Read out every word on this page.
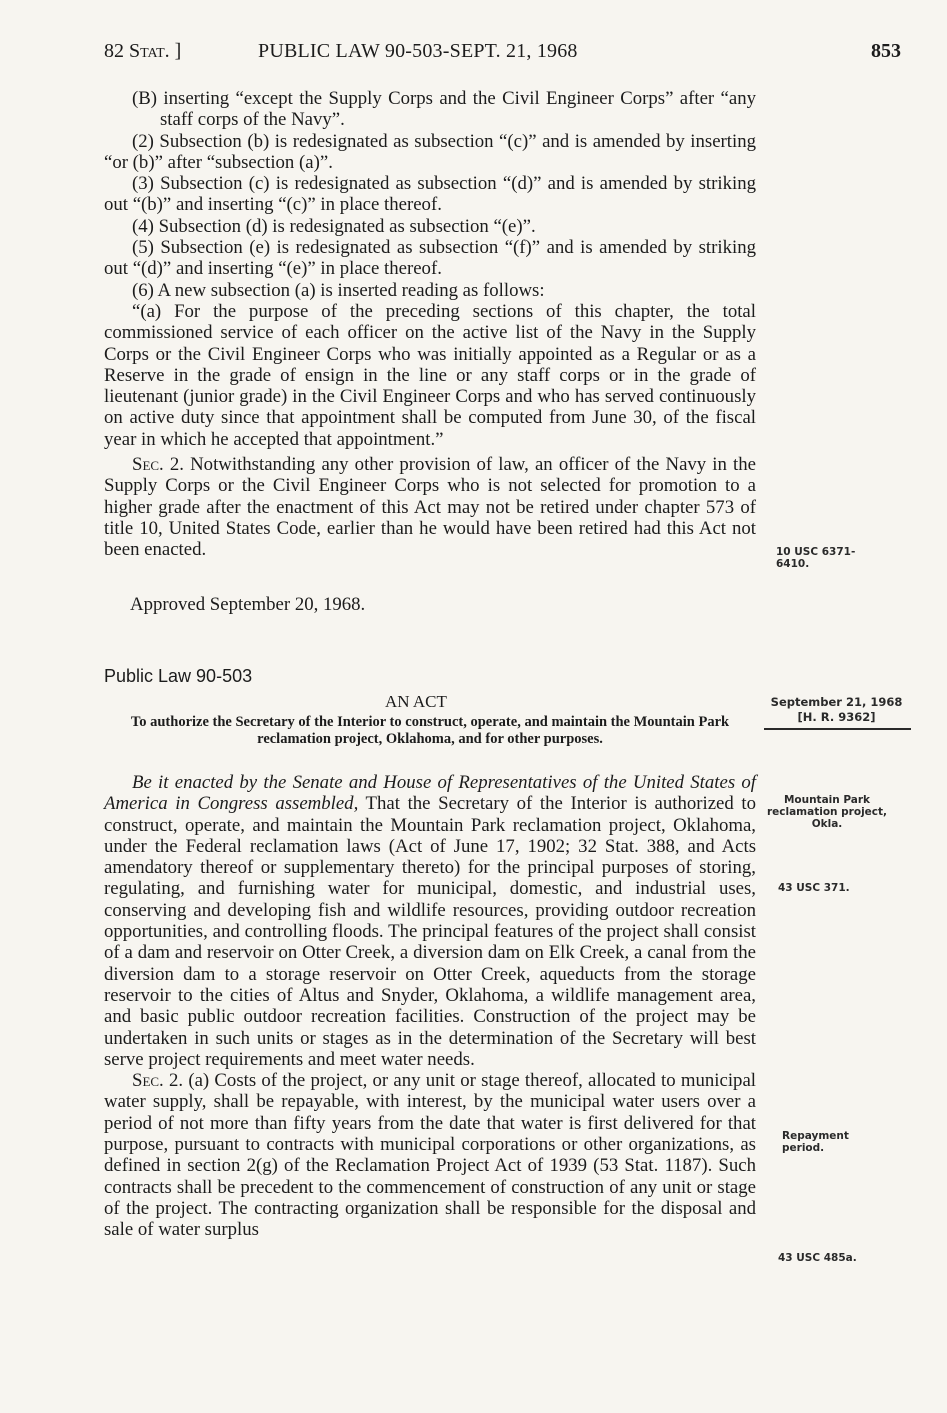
82 Stat. ]	PUBLIC LAW 90-503-SEPT. 21, 1968	853

(B) inserting “except the Supply Corps and the Civil Engineer Corps” after “any staff corps of the Navy”.

(2) Subsection (b) is redesignated as subsection “(c)” and is amended by inserting “or (b)” after “subsection (a)”.

(3) Subsection (c) is redesignated as subsection “(d)” and is amended by striking out “(b)” and inserting “(c)” in place thereof.

(4) Subsection (d) is redesignated as subsection “(e)”.

(5) Subsection (e) is redesignated as subsection “(f)” and is amended by striking out “(d)” and inserting “(e)” in place thereof.

(6) A new subsection (a) is inserted reading as follows:

“(a) For the purpose of the preceding sections of this chapter, the total commissioned service of each officer on the active list of the Navy in the Supply Corps or the Civil Engineer Corps who was initially appointed as a Regular or as a Reserve in the grade of ensign in the line or any staff corps or in the grade of lieutenant (junior grade) in the Civil Engineer Corps and who has served continuously on active duty since that appointment shall be computed from June 30, of the fiscal year in which he accepted that appointment.”

Sec. 2. Notwithstanding any other provision of law, an officer of the Navy in the Supply Corps or the Civil Engineer Corps who is not selected for promotion to a higher grade after the enactment of this Act may not be retired under chapter 573 of title 10, United States Code, earlier than he would have been retired had this Act not been enacted.

Approved September 20, 1968.
Public Law 90-503
AN ACT
To authorize the Secretary of the Interior to construct, operate, and maintain the Mountain Park reclamation project, Oklahoma, and for other purposes.

Be it enacted by the Senate and House of Representatives of the United States of America in Congress assembled, That the Secretary of the Interior is authorized to construct, operate, and maintain the Mountain Park reclamation project, Oklahoma, under the Federal reclamation laws (Act of June 17, 1902; 32 Stat. 388, and Acts amendatory thereof or supplementary thereto) for the principal purposes of storing, regulating, and furnishing water for municipal, domestic, and industrial uses, conserving and developing fish and wildlife resources, providing outdoor recreation opportunities, and controlling floods. The principal features of the project shall consist of a dam and reservoir on Otter Creek, a diversion dam on Elk Creek, a canal from the diversion dam to a storage reservoir on Otter Creek, aqueducts from the storage reservoir to the cities of Altus and Snyder, Oklahoma, a wildlife management area, and basic public outdoor recreation facilities. Construction of the project may be undertaken in such units or stages as in the determination of the Secretary will best serve project requirements and meet water needs.

Sec. 2. (a) Costs of the project, or any unit or stage thereof, allocated to municipal water supply, shall be repayable, with interest, by the municipal water users over a period of not more than fifty years from the date that water is first delivered for that purpose, pursuant to contracts with municipal corporations or other organizations, as defined in section 2(g) of the Reclamation Project Act of 1939 (53 Stat. 1187). Such contracts shall be precedent to the commencement of construction of any unit or stage of the project. The contracting organization shall be responsible for the disposal and sale of water surplus

10 USC 6371-6410.
September 21, 1968
[H. R. 9362]
Mountain Park reclamation project, Okla.
43 USC 371.
Repayment period.
43 USC 485a.
